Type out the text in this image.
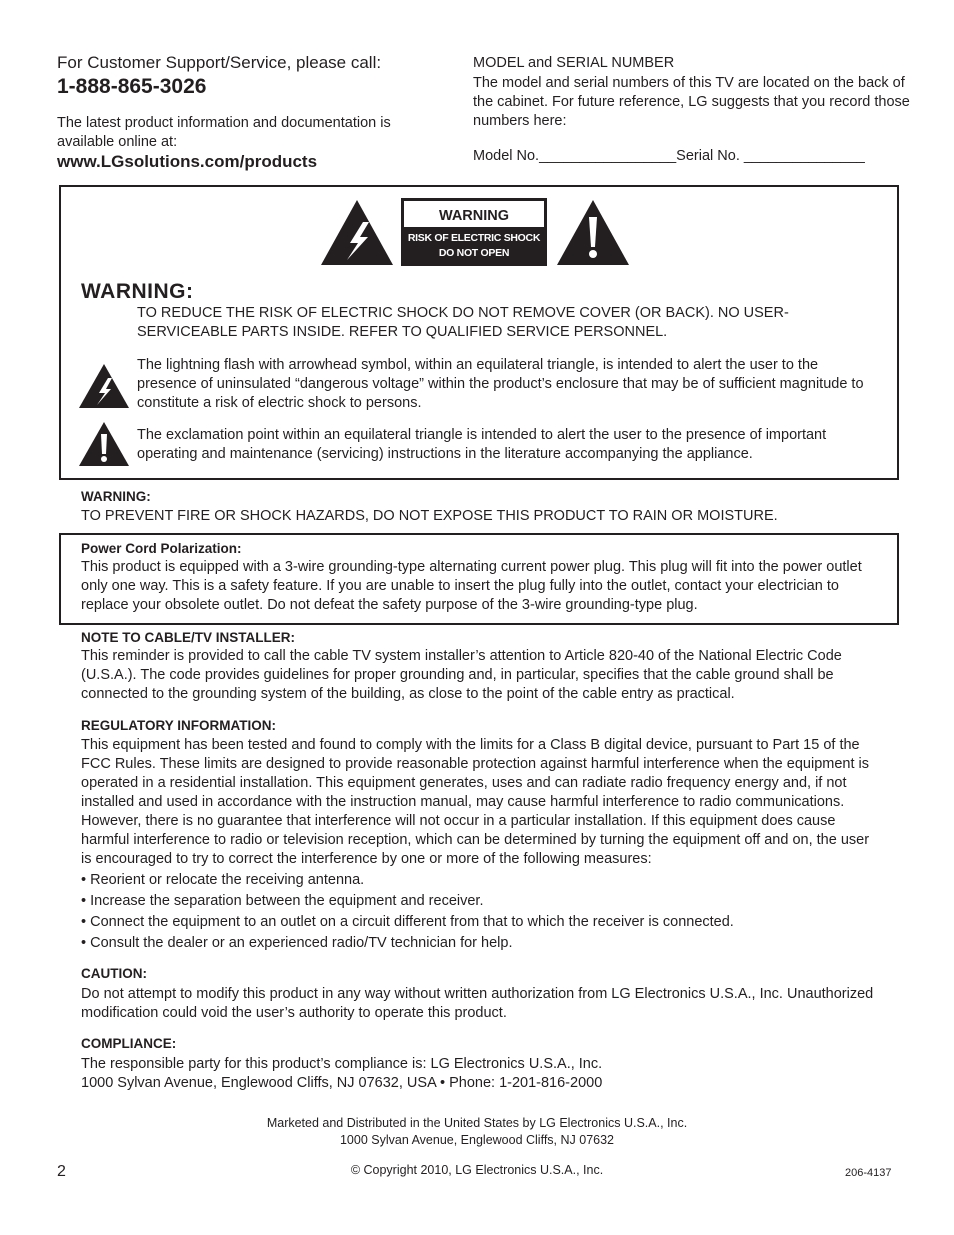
For Customer Support/Service, please call:
1-888-865-3026
The latest product information and documentation is available online at:
www.LGsolutions.com/products
MODEL and SERIAL NUMBER
The model and serial numbers of this TV are located on the back of the cabinet. For future reference, LG suggests that you record those numbers here:
Model No._________________Serial No. _______________
WARNING
RISK OF ELECTRIC SHOCK
DO NOT OPEN
WARNING:
TO REDUCE THE RISK OF ELECTRIC SHOCK DO NOT REMOVE COVER (OR BACK). NO USER-SERVICEABLE PARTS INSIDE. REFER TO QUALIFIED SERVICE PERSONNEL.
The lightning flash with arrowhead symbol, within an equilateral triangle, is intended to alert the user to the presence of uninsulated “dangerous voltage” within the product’s enclosure that may be of sufficient magnitude to constitute a risk of electric shock to persons.
The exclamation point within an equilateral triangle is intended to alert the user to the presence of important operating and maintenance (servicing) instructions in the literature accompanying the appliance.
WARNING:
TO PREVENT FIRE OR SHOCK HAZARDS, DO NOT EXPOSE THIS PRODUCT TO RAIN OR MOISTURE.
Power Cord Polarization:
This product is equipped with a 3-wire grounding-type alternating current power plug. This plug will fit into the power outlet only one way. This is a safety feature. If you are unable to insert the plug fully into the outlet, contact your electrician to replace your obsolete outlet. Do not defeat the safety purpose of the 3-wire grounding-type plug.
NOTE TO CABLE/TV INSTALLER:
This reminder is provided to call the cable TV system installer’s attention to Article 820-40 of the National Electric Code (U.S.A.). The code provides guidelines for proper grounding and, in particular, specifies that the cable ground shall be connected to the grounding system of the building, as close to the point of the cable entry as practical.
REGULATORY INFORMATION:
This equipment has been tested and found to comply with the limits for a Class B digital device, pursuant to Part 15 of the FCC Rules. These limits are designed to provide reasonable protection against harmful interference when the equipment is operated in a residential installation. This equipment generates, uses and can radiate radio frequency energy and, if not installed and used in accordance with the instruction manual, may cause harmful interference to radio communications. However, there is no guarantee that interference will not occur in a particular installation. If this equipment does cause harmful interference to radio or television reception, which can be determined by turning the equipment off and on, the user is encouraged to try to correct the interference by one or more of the following measures:
• Reorient or relocate the receiving antenna.
• Increase the separation between the equipment and receiver.
• Connect the equipment to an outlet on a circuit different from that to which the receiver is connected.
• Consult the dealer or an experienced radio/TV technician for help.
CAUTION:
Do not attempt to modify this product in any way without written authorization from LG Electronics U.S.A., Inc. Unauthorized modification could void the user’s authority to operate this product.
COMPLIANCE:
The responsible party for this product’s compliance is: LG Electronics U.S.A., Inc.
1000 Sylvan Avenue, Englewood Cliffs, NJ 07632, USA • Phone: 1-201-816-2000
Marketed and Distributed in the United States by LG Electronics U.S.A., Inc.
1000 Sylvan Avenue, Englewood Cliffs, NJ 07632
© Copyright 2010, LG Electronics U.S.A., Inc.
2	206-4137
